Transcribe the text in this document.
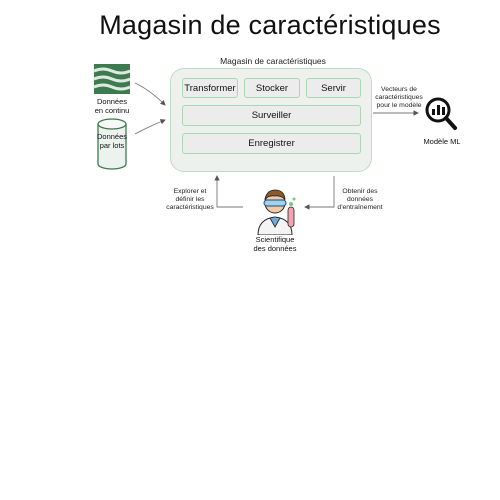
Magasin de caractéristiques
Données
en continu
Données
par lots
Magasin de caractéristiques
Transformer	Stocker	Servir
Surveiller
Enregistrer
Vecteurs de
caractéristiques
pour le modèle
Modèle ML
Explorer et
définir les
caractéristiques
Obtenir des
données
d'entraînement
Scientifique
des données
